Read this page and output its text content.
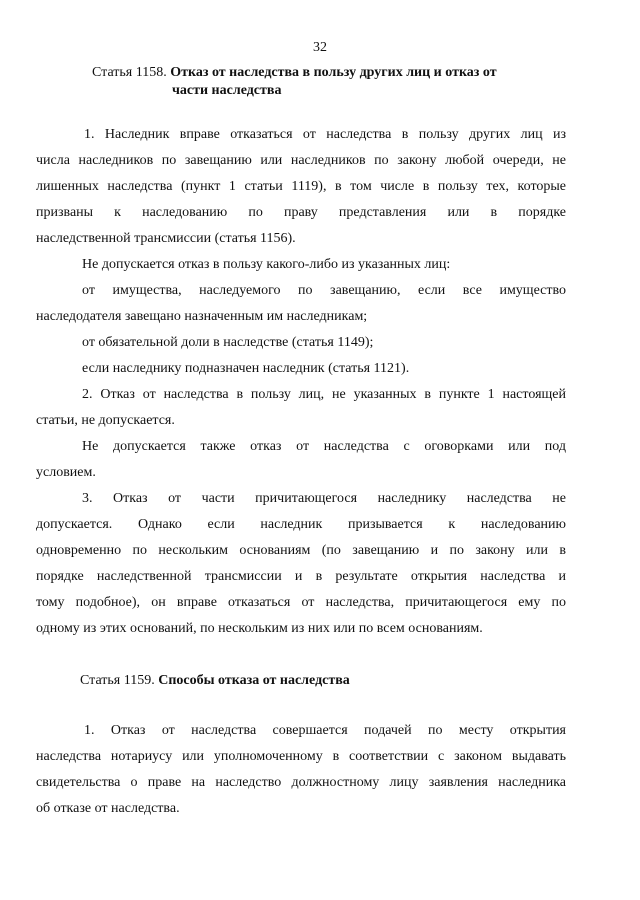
32
Статья 1158. Отказ от наследства в пользу других лиц и отказ от
части наследства
1. Наследник вправе отказаться от наследства в пользу других лиц из
числа наследников по завещанию или наследников по закону любой очереди, не
лишенных наследства (пункт 1 статьи 1119), в том числе в пользу тех, которые
призваны к наследованию по праву представления или в порядке
наследственной трансмиссии (статья 1156).
Не допускается отказ в пользу какого-либо из указанных лиц:
от имущества, наследуемого по завещанию, если все имущество
наследодателя завещано назначенным им наследникам;
от обязательной доли в наследстве (статья 1149);
если наследнику подназначен наследник (статья 1121).
2. Отказ от наследства в пользу лиц, не указанных в пункте 1 настоящей
статьи, не допускается.
Не допускается также отказ от наследства с оговорками или под
условием.
3. Отказ от части причитающегося наследнику наследства не
допускается. Однако если наследник призывается к наследованию
одновременно по нескольким основаниям (по завещанию и по закону или в
порядке наследственной трансмиссии и в результате открытия наследства и
тому подобное), он вправе отказаться от наследства, причитающегося ему по
одному из этих оснований, по нескольким из них или по всем основаниям.
Статья 1159. Способы отказа от наследства
1. Отказ от наследства совершается подачей по месту открытия
наследства нотариусу или уполномоченному в соответствии с законом выдавать
свидетельства о праве на наследство должностному лицу заявления наследника
об отказе от наследства.
